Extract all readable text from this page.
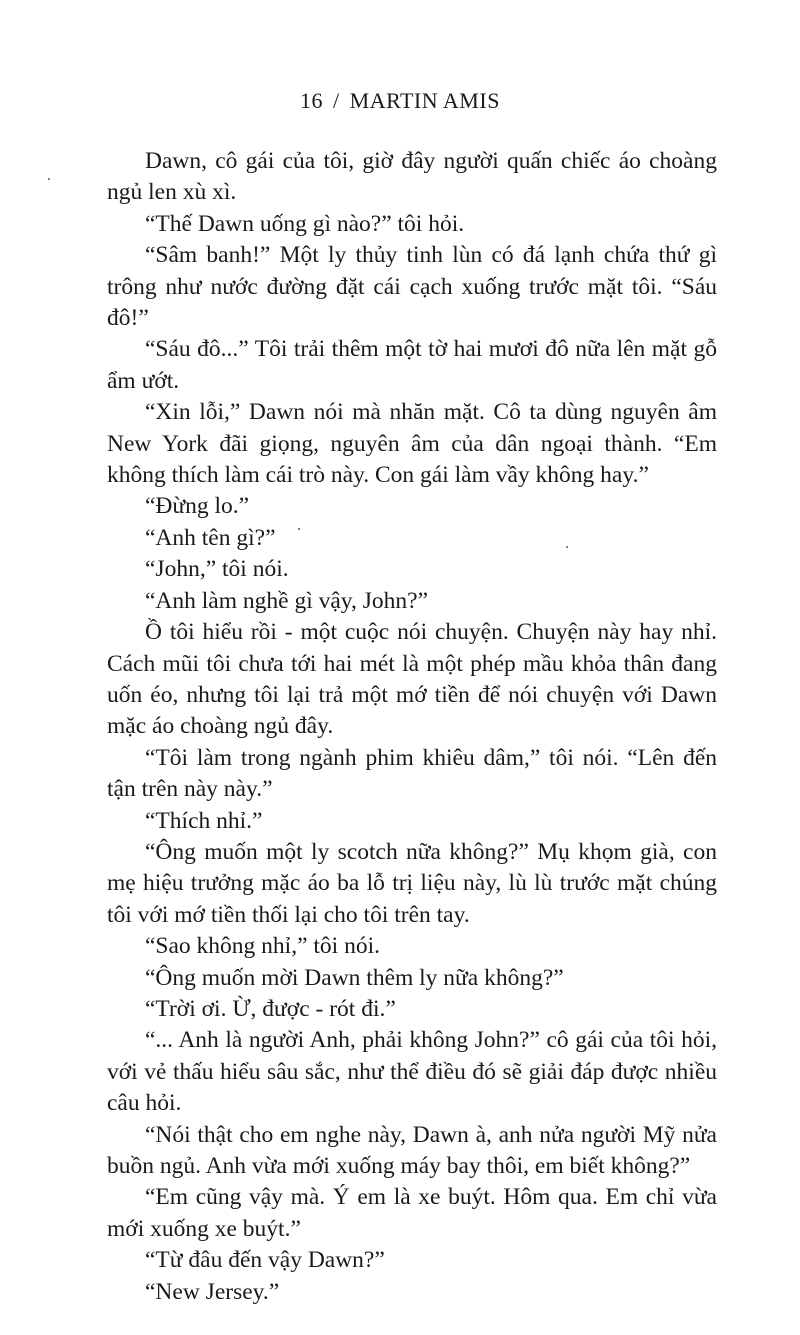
16 / MARTIN AMIS

Dawn, cô gái của tôi, giờ đây người quấn chiếc áo choàng ngủ len xù xì.

“Thế Dawn uống gì nào?” tôi hỏi.

“Sâm banh!” Một ly thủy tinh lùn có đá lạnh chứa thứ gì trông như nước đường đặt cái cạch xuống trước mặt tôi. “Sáu đô!”

“Sáu đô...” Tôi trải thêm một tờ hai mươi đô nữa lên mặt gỗ ẩm ướt.

“Xin lỗi,” Dawn nói mà nhăn mặt. Cô ta dùng nguyên âm New York đãi giọng, nguyên âm của dân ngoại thành. “Em không thích làm cái trò này. Con gái làm vầy không hay.”

“Đừng lo.”

“Anh tên gì?”

“John,” tôi nói.

“Anh làm nghề gì vậy, John?”

Ồ tôi hiểu rồi - một cuộc nói chuyện. Chuyện này hay nhỉ. Cách mũi tôi chưa tới hai mét là một phép mầu khỏa thân đang uốn éo, nhưng tôi lại trả một mớ tiền để nói chuyện với Dawn mặc áo choàng ngủ đây.

“Tôi làm trong ngành phim khiêu dâm,” tôi nói. “Lên đến tận trên này này.”

“Thích nhỉ.”

“Ông muốn một ly scotch nữa không?” Mụ khọm già, con mẹ hiệu trưởng mặc áo ba lỗ trị liệu này, lù lù trước mặt chúng tôi với mớ tiền thối lại cho tôi trên tay.

“Sao không nhỉ,” tôi nói.

“Ông muốn mời Dawn thêm ly nữa không?”

“Trời ơi. Ừ, được - rót đi.”

“... Anh là người Anh, phải không John?” cô gái của tôi hỏi, với vẻ thấu hiểu sâu sắc, như thể điều đó sẽ giải đáp được nhiều câu hỏi.

“Nói thật cho em nghe này, Dawn à, anh nửa người Mỹ nửa buồn ngủ. Anh vừa mới xuống máy bay thôi, em biết không?”

“Em cũng vậy mà. Ý em là xe buýt. Hôm qua. Em chỉ vừa mới xuống xe buýt.”

“Từ đâu đến vậy Dawn?”

“New Jersey.”
